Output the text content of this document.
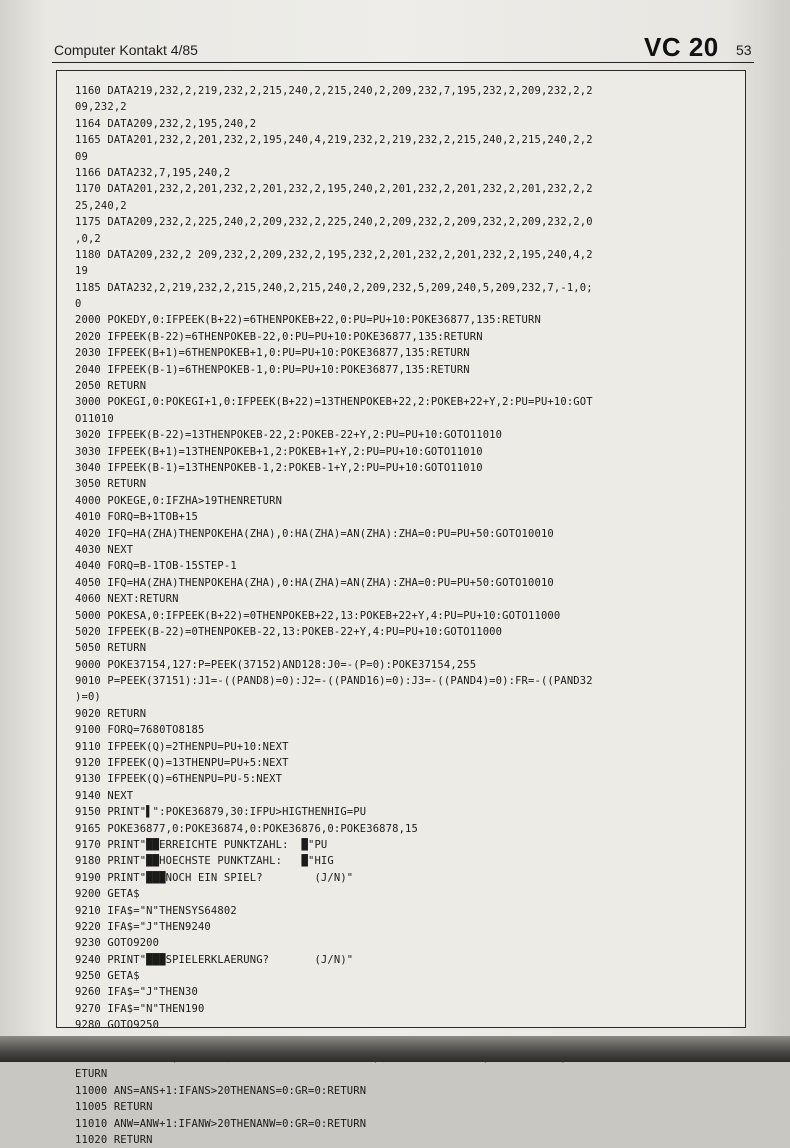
Computer Kontakt 4/85	VC 20 53
1160 DATA219,232,2,219,232,2,215,240,2,215,240,2,209,232,7,195,232,2,209,232,2,2
09,232,2
1164 DATA209,232,2,195,240,2
1165 DATA201,232,2,201,232,2,195,240,4,219,232,2,219,232,2,215,240,2,215,240,2,2
09
1166 DATA232,7,195,240,2
1170 DATA201,232,2,201,232,2,201,232,2,195,240,2,201,232,2,201,232,2,201,232,2,2
25,240,2
1175 DATA209,232,2,225,240,2,209,232,2,225,240,2,209,232,2,209,232,2,209,232,2,0
,0,2
1180 DATA209,232,2 209,232,2,209,232,2,195,232,2,201,232,2,201,232,2,195,240,4,2
19
1185 DATA232,2,219,232,2,215,240,2,215,240,2,209,232,5,209,240,5,209,232,7,-1,0;
0
2000 POKEDY,0:IFPEEK(B+22)=6THENPOKEB+22,0:PU=PU+10:POKE36877,135:RETURN
2020 IFPEEK(B-22)=6THENPOKEB-22,0:PU=PU+10:POKE36877,135:RETURN
2030 IFPEEK(B+1)=6THENPOKEB+1,0:PU=PU+10:POKE36877,135:RETURN
2040 IFPEEK(B-1)=6THENPOKEB-1,0:PU=PU+10:POKE36877,135:RETURN
2050 RETURN
3000 POKEGI,0:POKEGI+1,0:IFPEEK(B+22)=13THENPOKEB+22,2:POKEB+22+Y,2:PU=PU+10:GOT
O11010
3020 IFPEEK(B-22)=13THENPOKEB-22,2:POKEB-22+Y,2:PU=PU+10:GOTO11010
3030 IFPEEK(B+1)=13THENPOKEB+1,2:POKEB+1+Y,2:PU=PU+10:GOTO11010
3040 IFPEEK(B-1)=13THENPOKEB-1,2:POKEB-1+Y,2:PU=PU+10:GOTO11010
3050 RETURN
4000 POKEGE,0:IFZHA>19THENRETURN
4010 FORQ=B+1TOB+15
4020 IFQ=HA(ZHA)THENPOKEHA(ZHA),0:HA(ZHA)=AN(ZHA):ZHA=0:PU=PU+50:GOTO10010
4030 NEXT
4040 FORQ=B-1TOB-15STEP-1
4050 IFQ=HA(ZHA)THENPOKEHA(ZHA),0:HA(ZHA)=AN(ZHA):ZHA=0:PU=PU+50:GOTO10010
4060 NEXT:RETURN
5000 POKESA,0:IFPEEK(B+22)=0THENPOKEB+22,13:POKEB+22+Y,4:PU=PU+10:GOTO11000
5020 IFPEEK(B-22)=0THENPOKEB-22,13:POKEB-22+Y,4:PU=PU+10:GOTO11000
5050 RETURN
9000 POKE37154,127:P=PEEK(37152)AND128:J0=-(P=0):POKE37154,255
9010 P=PEEK(37151):J1=-((PAND8)=0):J2=-((PAND16)=0):J3=-((PAND4)=0):FR=-((PAND32
)=0)
9020 RETURN
9100 FORQ=7680TO8185
9110 IFPEEK(Q)=2THENPU=PU+10:NEXT
9120 IFPEEK(Q)=13THENPU=PU+5:NEXT
9130 IFPEEK(Q)=6THENPU=PU-5:NEXT
9140 NEXT
9150 PRINT"▌":POKE36879,30:IFPU>HIGTHENHIG=PU
9165 POKE36877,0:POKE36874,0:POKE36876,0:POKE36878,15
9170 PRINT"██ERREICHTE PUNKTZAHL:  █"PU
9180 PRINT"██HOECHSTE PUNKTZAHL:   █"HIG
9190 PRINT"███NOCH EIN SPIEL?        (J/N)"
9200 GETA$
9210 IFA$="N"THENSYS64802
9220 IFA$="J"THEN9240
9230 GOTO9200
9240 PRINT"███SPIELERKLAERUNG?       (J/N)"
9250 GETA$
9260 IFA$="J"THEN30
9270 IFA$="N"THEN190
9280 GOTO9250
ETURN
11000 ANS=ANS+1:IFANS>20THENANS=0:GR=0:RETURN
11005 RETURN
11010 ANW=ANW+1:IFANW>20THENANW=0:GR=0:RETURN
11020 RETURN
